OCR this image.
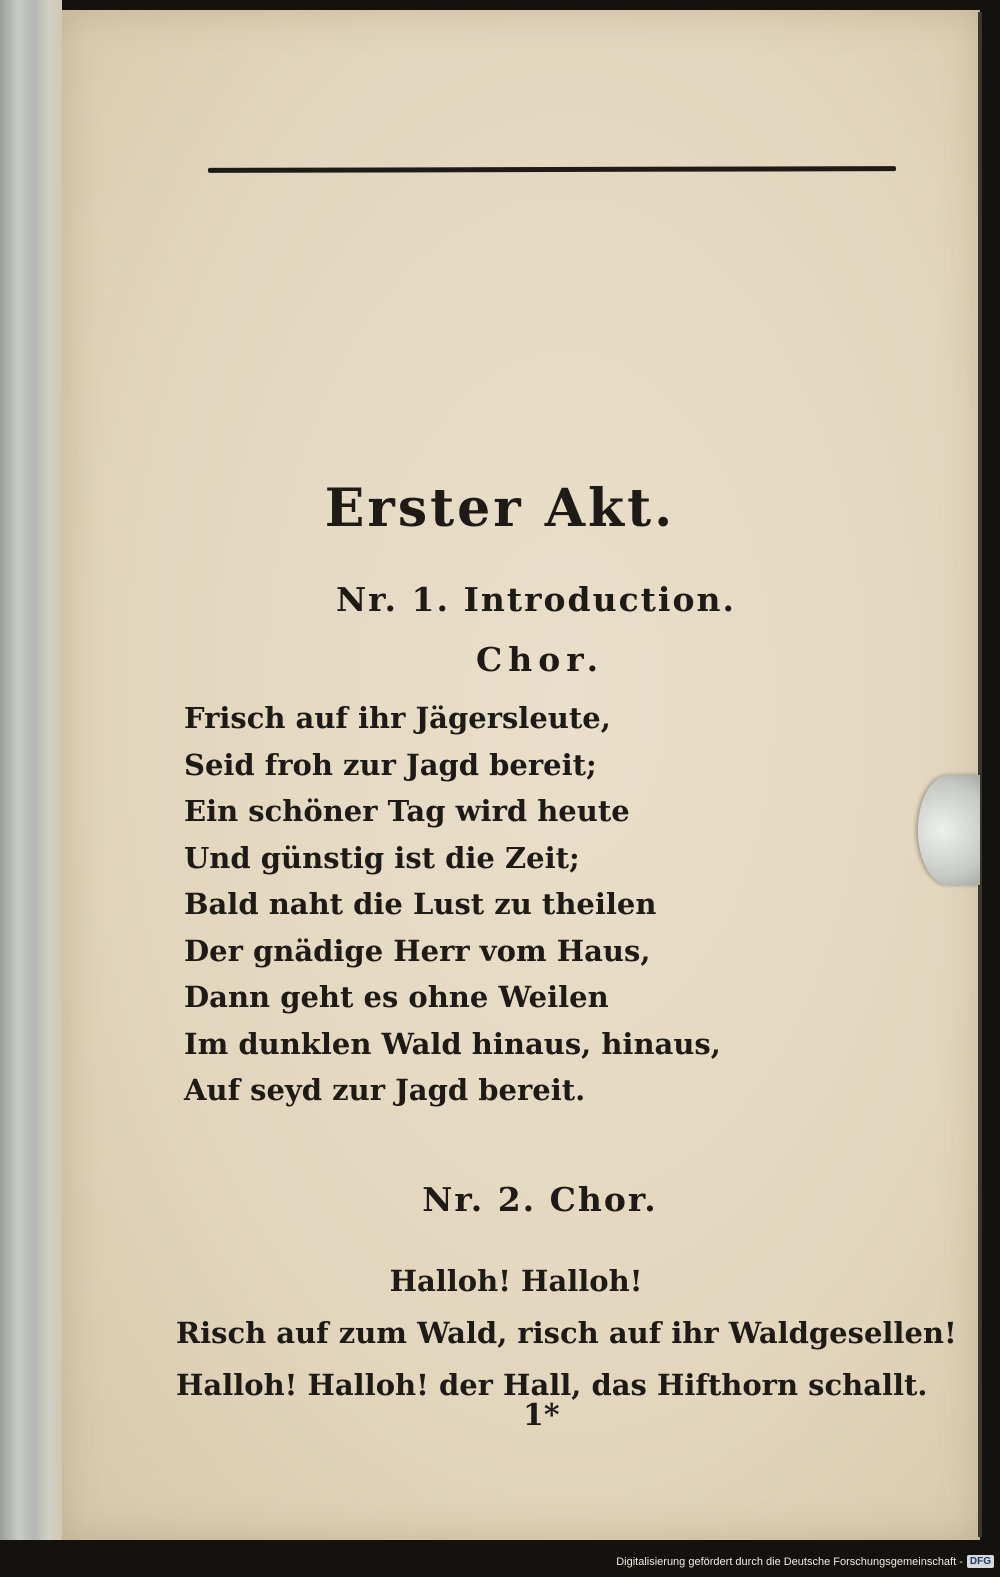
Erster Akt.
Nr. 1. Introduction.
Chor.
Frisch auf ihr Jägersleute,
Seid froh zur Jagd bereit;
Ein schöner Tag wird heute
Und günstig ist die Zeit;
Bald naht die Lust zu theilen
Der gnädige Herr vom Haus,
Dann geht es ohne Weilen
Im dunklen Wald hinaus, hinaus,
Auf seyd zur Jagd bereit.
Nr. 2. Chor.
Halloh! Halloh!
Risch auf zum Wald, risch auf ihr Waldgesellen!
Halloh! Halloh! der Hall, das Hifthorn schallt.
1*
Digitalisierung gefördert durch die Deutsche Forschungsgemeinschaft - DFG
